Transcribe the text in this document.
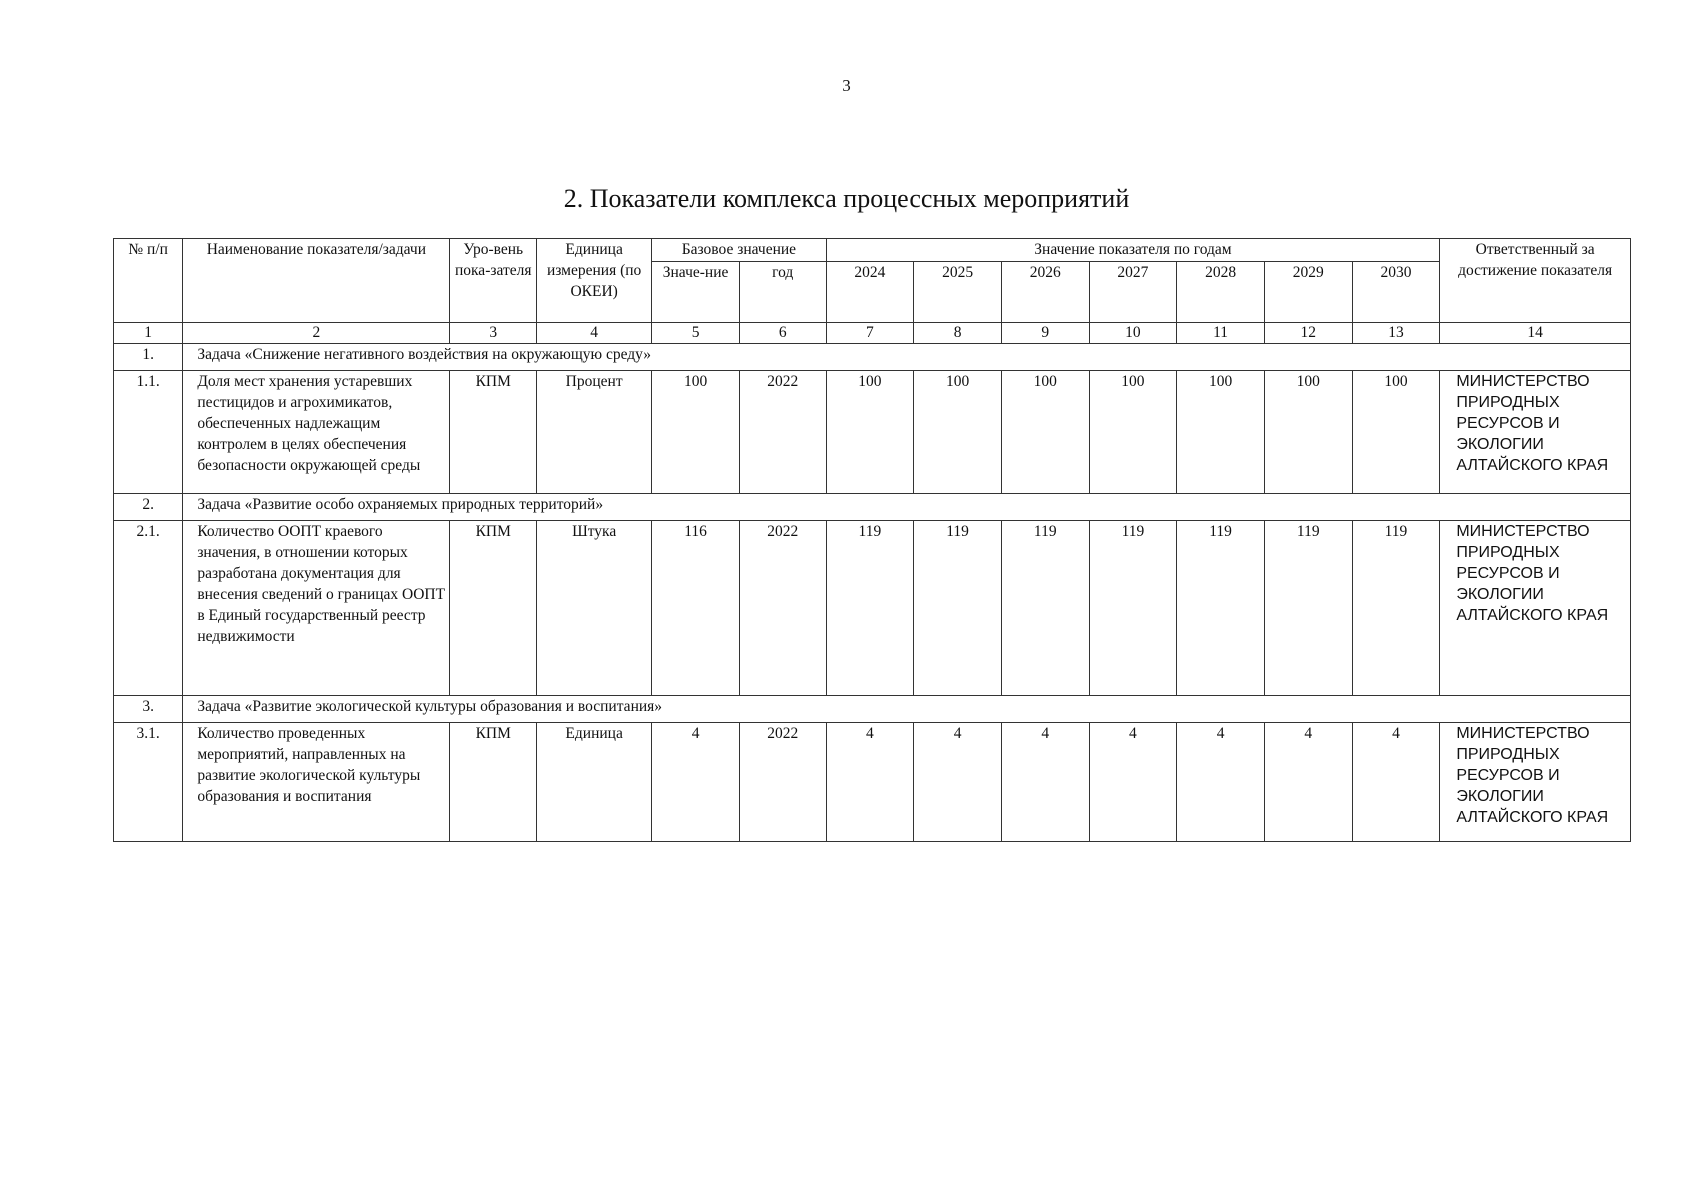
3
2. Показатели комплекса процессных мероприятий
№ п/п	Наименование показателя/задачи	Уро-вень пока-зателя	Единица измерения (по ОКЕИ)	Базовое значение		Значение показателя по годам							Ответственный за достижение показателя
				Значе-ние	год	2024	2025	2026	2027	2028	2029	2030	
1	2	3	4	5	6	7	8	9	10	11	12	13	14
1.	Задача «Снижение негативного воздействия на окружающую среду»												
1.1.	Доля мест хранения устаревших пестицидов и агрохимикатов, обеспеченных надлежащим контролем в целях обеспечения безопасности окружающей среды	КПМ	Процент	100	2022	100	100	100	100	100	100	100	МИНИСТЕРСТВО ПРИРОДНЫХ РЕСУРСОВ И ЭКОЛОГИИ АЛТАЙСКОГО КРАЯ
2.	Задача «Развитие особо охраняемых природных территорий»												
2.1.	Количество ООПТ краевого значения, в отношении которых разработана документация для внесения сведений о границах ООПТ в Единый государственный реестр недвижимости	КПМ	Штука	116	2022	119	119	119	119	119	119	119	МИНИСТЕРСТВО ПРИРОДНЫХ РЕСУРСОВ И ЭКОЛОГИИ АЛТАЙСКОГО КРАЯ
3.	Задача «Развитие экологической культуры образования и воспитания»												
3.1.	Количество проведенных мероприятий, направленных на развитие экологической культуры образования и воспитания	КПМ	Единица	4	2022	4	4	4	4	4	4	4	МИНИСТЕРСТВО ПРИРОДНЫХ РЕСУРСОВ И ЭКОЛОГИИ АЛТАЙСКОГО КРАЯ
